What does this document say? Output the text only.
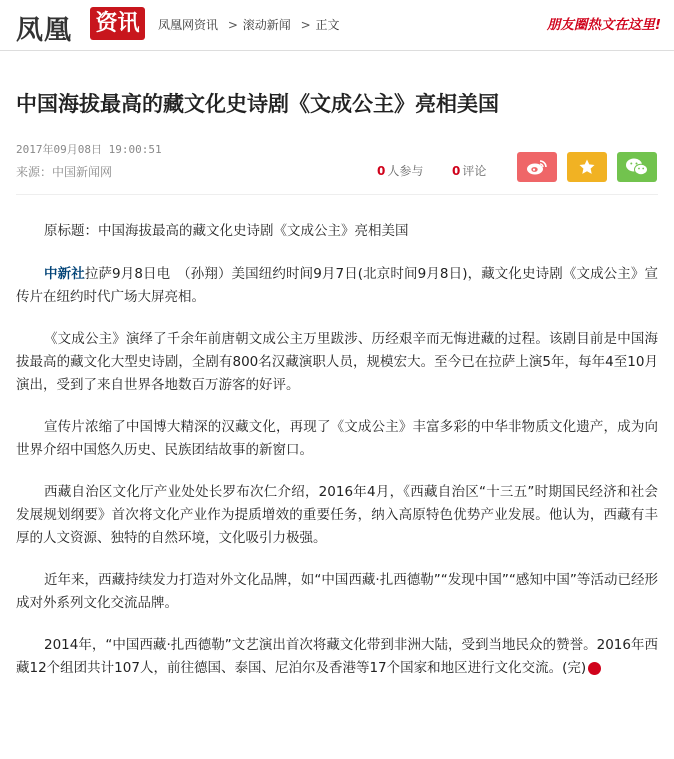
凤凰 资讯	凤凰网资讯 > 滚动新闻 > 正文	朋友圈热文在这里!
中国海拔最高的藏文化史诗剧《文成公主》亮相美国
2017年09月08日 19:00:51
来源：中国新闻网	0 人参与 0 评论

原标题：中国海拔最高的藏文化史诗剧《文成公主》亮相美国

中新社拉萨9月8日电　（孙翔）美国纽约时间9月7日(北京时间9月8日)，藏文化史诗剧《文成公主》宣传片在纽约时代广场大屏亮相。

《文成公主》演绎了千余年前唐朝文成公主万里跋涉、历经艰辛而无悔进藏的过程。该剧目前是中国海拔最高的藏文化大型史诗剧，全剧有800名汉藏演职人员，规模宏大。至今已在拉萨上演5年，每年4至10月演出，受到了来自世界各地数百万游客的好评。

宣传片浓缩了中国博大精深的汉藏文化，再现了《文成公主》丰富多彩的中华非物质文化遗产，成为向世界介绍中国悠久历史、民族团结故事的新窗口。

西藏自治区文化厅产业处处长罗布次仁介绍，2016年4月，《西藏自治区“十三五”时期国民经济和社会发展规划纲要》首次将文化产业作为提质增效的重要任务，纳入高原特色优势产业发展。他认为，西藏有丰厚的人文资源、独特的自然环境，文化吸引力极强。

近年来，西藏持续发力打造对外文化品牌，如“中国西藏·扎西德勒”“发现中国”“感知中国”等活动已经形成对外系列文化交流品牌。

2014年，“中国西藏·扎西德勒”文艺演出首次将藏文化带到非洲大陆，受到当地民众的赞誉。2016年西藏12个组团共计107人，前往德国、泰国、尼泊尔及香港等17个国家和地区进行文化交流。(完)	ф
